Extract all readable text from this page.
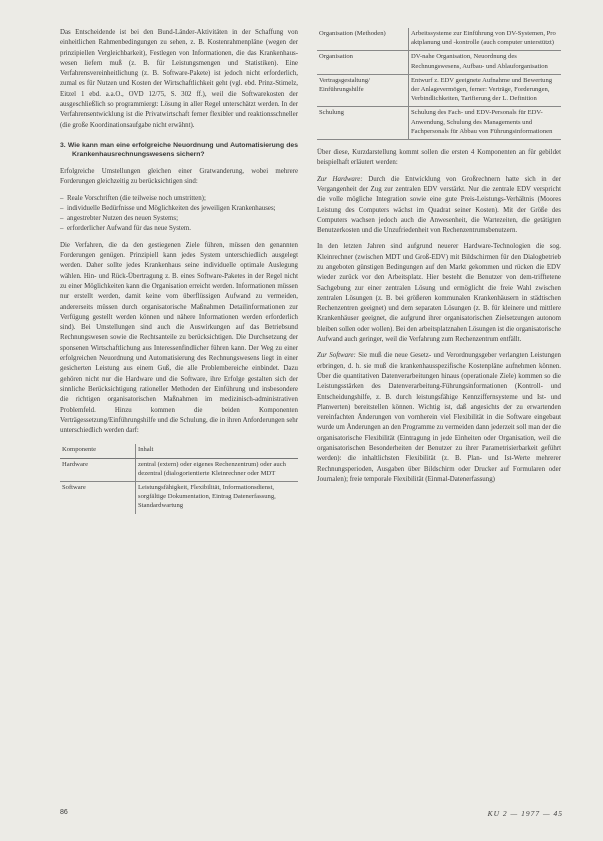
Das Entscheidende ist bei den Bund-Länder-Aktivitäten in der Schaffung von einheitlichen Rahmenbedingungen zu sehen, z. B. Kostenrahmenpläne (wegen der prinzipiellen Vergleichbarkeit), Festlegen von Informationen, die das Krankenhaus-wesen liefern muß (z. B. für Leistungsmengen und Statistiken). Eine Verfahrensvereinheitlichung (z. B. Software-Pakete) ist jedoch nicht erforderlich, zumal es für Nutzen und Kosten der Wirtschaftlichkeit geht (vgl. ebd. Prinz-Stimelz, Eitzel 1 ebd. a.a.O., OVD 12/75, S. 302 ff.), weil die Softwarekosten der ausgeschließlich so programmiergt: Lösung in aller Regel unterschätzt werden. In der Verfahrensentwicklung ist die Privatwirtschaft ferner flexibler und reaktionsschneller (die große Koordinationsaufgabe nicht erwähnt).

3. Wie kann man eine erfolgreiche Neuordnung und Automatisierung des Krankenhausrechnungswesens sichern?

Erfolgreiche Umstellungen gleichen einer Gratwanderung, wobei mehrere Forderungen gleichzeitig zu berücksichtigen sind:

– Reale Vorschriften (die teilweise noch umstritten);
– individuelle Bedürfnisse und Möglichkeiten des jeweiligen Krankenhauses;
– angestrebter Nutzen des neuen Systems;
– erforderlicher Aufwand für das neue System.

Die Verfahren, die da den gestiegenen Ziele führen, müssen den genannten Forderungen genügen. Prinzipiell kann jedes System unterschiedlich ausgelegt werden. Daher sollte jedes Krankenhaus seine individuelle optimale Auslegung wählen. Hin- und Rück-Übertragung z. B. eines Software-Paketes in der Regel nicht zu einer Möglichkeiten kann die Organisation erreicht werden. Informationen müssen nur erstellt werden, damit keine vom überflüssigen Aufwand zu vermeiden, andererseits müssen durch organisatorische Maßnahmen Detailinformationen zur Verfügung gestellt werden können und nähere Informationen werden erforderlich sind). Bei Umstellungen sind auch die Auswirkungen auf das Betriebsund Rechnungswesen sowie die Rechtsanteile zu berücksichtigen. Die Durchsetzung der sponsenen Wirtschaftlichung aus Interessenfindlicher führen kann. Der Weg zu einer erfolgreichen Neuordnung und Automatisierung des Rechnungswesens liegt in einer gesicherten Leistung aus einem Guß, die alle Problembereiche einbindet. Dazu gehören nicht nur die Hardware und die Software, ihre Erfolge gestalten sich der sinnliche Berücksichtigung rationeller Methoden der Einführung und insbesondere die richtigen organisatorischen Maßnahmen im medizinisch-administrativen Problemfeld. Hinzu kommen die beiden Komponenten Verträgessetzung/Einführungshilfe und die Schulung, die in ihren Anforderungen sehr unterschiedlich werden darf:

Komponente	Inhalt
Hardware	zentral (extern) oder eigenes Rechenzentrum) oder auch dezentral (dialogorientierte Kleinrechner oder MDT
Software	Leistungsfähigkeit, Flexibilität, Informationsdienst, sorgfältige Dokumentation, Eintrag Datenerfassung, Standardwartung
Organisation (Methoden)	Arbeitssysteme zur Einführung von DV-Systemen, Pro aktplanung und -kontrolle (auch computer unterstützt)
Organisation	DV-nahe Organisation, Neuordnung des Rechnungswesens, Aufbau- und Ablauforganisation
Vertragsgestaltung/ Einführungshilfe	Entwurf z. EDV geeignete Aufnahme und Bewertung der Anlagevermögen, ferner: Verträge, Forderungen, Verbindlichkeiten, Tarifierung der L. Definition
Schulung	Schulung des Fach- und EDV-Personals für EDV-Anwendung, Schulung des Managements und Fachpersonals für Abbau von Führungsinformationen

Über diese, Kurzdarstellung kommt sollen die ersten 4 Komponenten an für gebildet beispielhaft erläutert werden:

Zur Hardware: Durch die Entwicklung von Großrechnern hatte sich in der Vergangenheit der Zug zur zentralen EDV verstärkt. Nur die zentrale EDV verspricht die volle mögliche Integration sowie eine gute Preis-Leistungs-Verhältnis (Moores Leistung des Computers wächst im Quadrat seiner Kosten). Mit der Größe des Computers wachsen jedoch auch die Anwesenheit, die Wartezeiten, die getätigten Benutzerkosten und die Unzufriedenheit von Rechenzentrumsbenutzern.

In den letzten Jahren sind aufgrund neuerer Hardware-Technologien die sog. Kleinrechner (zwischen MDT und Groß-EDV) mit Bildschirmen für den Dialogbetrieb zu angeboten günstigen Bedingungen auf den Markt gekommen und rücken die EDV wieder zurück vor den Arbeitsplatz. Hier besteht die Benutzer von dem-trifftetene Sachgebung zur einer zentralen Lösung und ermöglicht die freie Wahl zwischen zentralen Lösungen (z. B. bei größeren kommunalen Krankenhäusern in städtischen Rechenzentren geeignet) und dem separaten Lösungen (z. B. für kleinere und mittlere Krankenhäuser geeignet, die aufgrund ihrer organisatorischen Zielsetzungen autonom bleiben sollen oder wollen). Bei den arbeitsplatznahen Lösungen ist die organisatorische Aufwand auch geringer, weil die Verfahrung zum Rechenzentrum entfällt.

Zur Software: Sie muß die neue Gesetz- und Verordnungsgeber verlangten Leistungen erbringen, d. h. sie muß die krankenhausspezifische Kostenpläne aufnehmen können. Über die quantitativen Datenverarbeitungen hinaus (operationale Ziele) kommen so die Leistungsstärken des Datenverarbeitung-Führungsinformationen (Kontroll- und Entscheidungshilfe, z. B. durch leistungsfähige Kennziffernsysteme und Ist- und Planwerten) bereitstellen können. Wichtig ist, daß angesichts der zu erwartenden vereinfachten Änderungen von vornherein viel Flexibilität in die Software eingebaut wurde um Änderungen an den Programme zu vermeiden dann jederzeit soll man der die organisatorische Flexibilität (Eintragung in jede Einheiten oder Organisation, weil die organisatorischen Besonderheiten der Benutzer zu ihrer Parametrisierbarkeit geführt werden): die inhaltlichsten Flexibilität (z. B. Plan- und Ist-Werte mehrerer Rechnungsperioden, Ausgaben über Bildschirm oder Drucker auf Formularen oder Journalen); freie temporale Flexibilität (Einmal-Datenerfassung)

86	KU 2 — 1977 — 45
